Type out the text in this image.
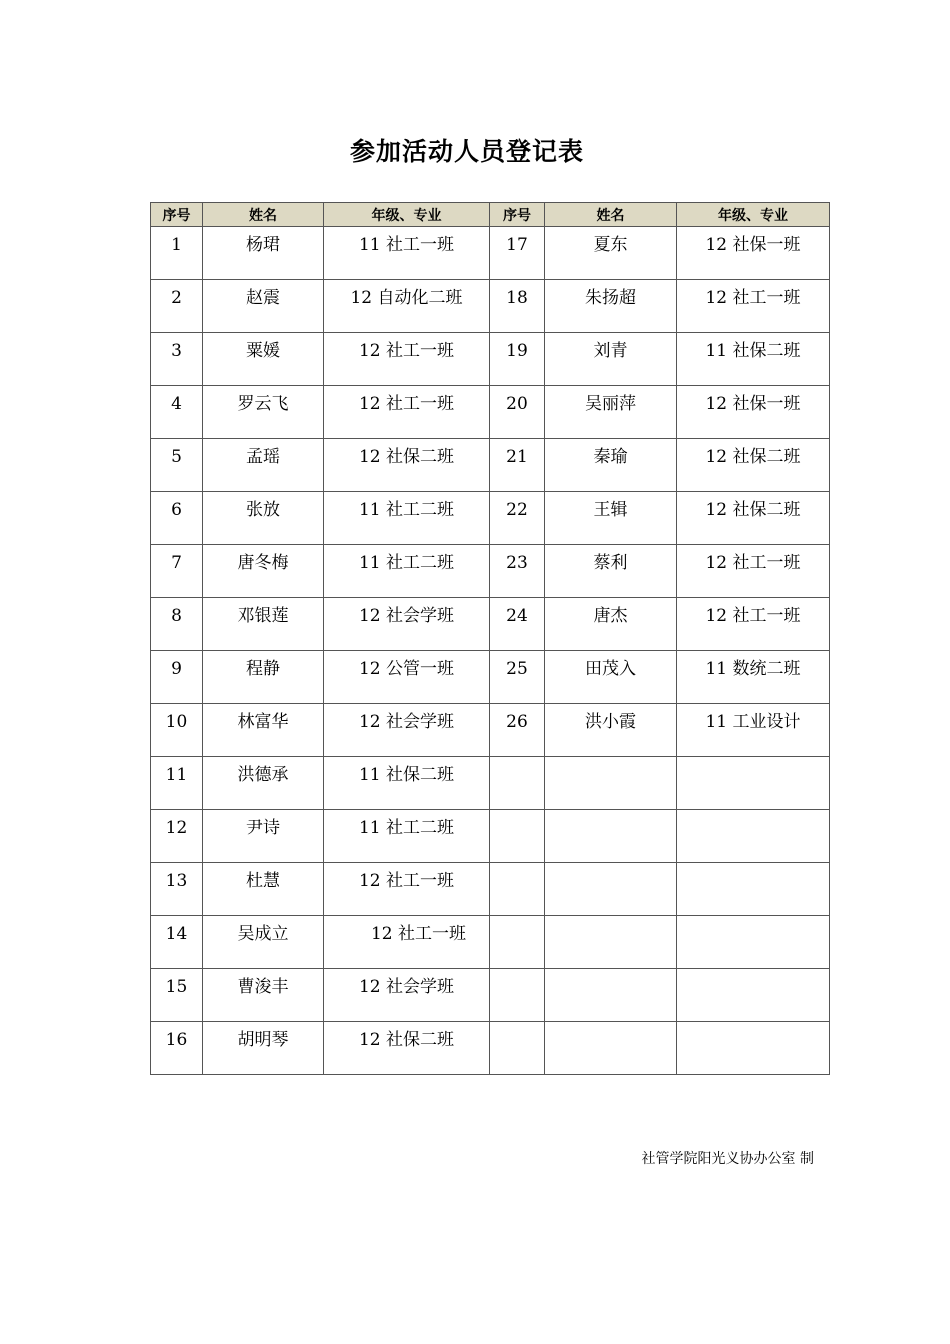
参加活动人员登记表
序号	姓名	年级、专业	序号	姓名	年级、专业
1	杨珺	11 社工一班	17	夏东	12 社保一班
2	赵震	12 自动化二班	18	朱扬超	12 社工一班
3	粟媛	12 社工一班	19	刘青	11 社保二班
4	罗云飞	12 社工一班	20	吴丽萍	12 社保一班
5	孟瑶	12 社保二班	21	秦瑜	12 社保二班
6	张放	11 社工二班	22	王辑	12 社保二班
7	唐冬梅	11 社工二班	23	蔡利	12 社工一班
8	邓银莲	12 社会学班	24	唐杰	12 社工一班
9	程静	12 公管一班	25	田茂入	11 数统二班
10	林富华	12 社会学班	26	洪小霞	11 工业设计
11	洪德承	11 社保二班			
12	尹诗	11 社工二班			
13	杜慧	12 社工一班			
14	吴成立	12 社工一班			
15	曹浚丰	12 社会学班			
16	胡明琴	12 社保二班			
社管学院阳光义协办公室 制
